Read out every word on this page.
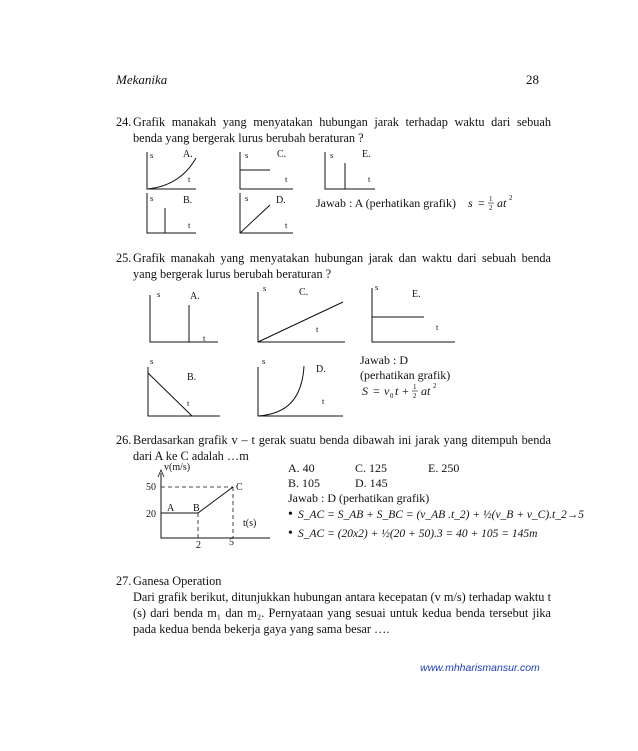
Mekanika	28
24. Grafik manakah yang menyatakan hubungan jarak terhadap waktu dari sebuah benda yang bergerak lurus berubah beraturan ?
s
t
A.	s
t
C.	s
t
E.
s
t
B.	s
t
D.	Jawab : A (perhatikan grafik) s = 1
2 at 2
25. Grafik manakah yang menyatakan hubungan jarak dan waktu dari sebuah benda yang bergerak lurus berubah beraturan ?
s
t
A.
s
t
C.	s
t
E.
s
t
B.
s
t
D.
Jawab : D
(perhatikan grafik)
S = v 0 t + 1
2 at 2
26. Berdasarkan grafik v – t gerak suatu benda dibawah ini jarak yang ditempuh benda dari A ke C adalah …m
v(m/s)
t(s)
50
20
2	5
A B
C
A. 40	C. 125	E. 250
B. 105	D. 145
Jawab : D (perhatikan grafik)
• S_AC = S_AB + S_BC = (v_AB .t_2) + ½(v_B + v_C).t_2→5
• S_AC = (20x2) + ½(20 + 50).3 = 40 + 105 = 145m
27. Ganesa Operation
Dari grafik berikut, ditunjukkan hubungan antara kecepatan (v m/s) terhadap waktu t (s) dari benda m₁ dan m₂. Pernyataan yang sesuai untuk kedua benda tersebut jika pada kedua benda bekerja gaya yang sama besar ….
www.mhharismansur.com
